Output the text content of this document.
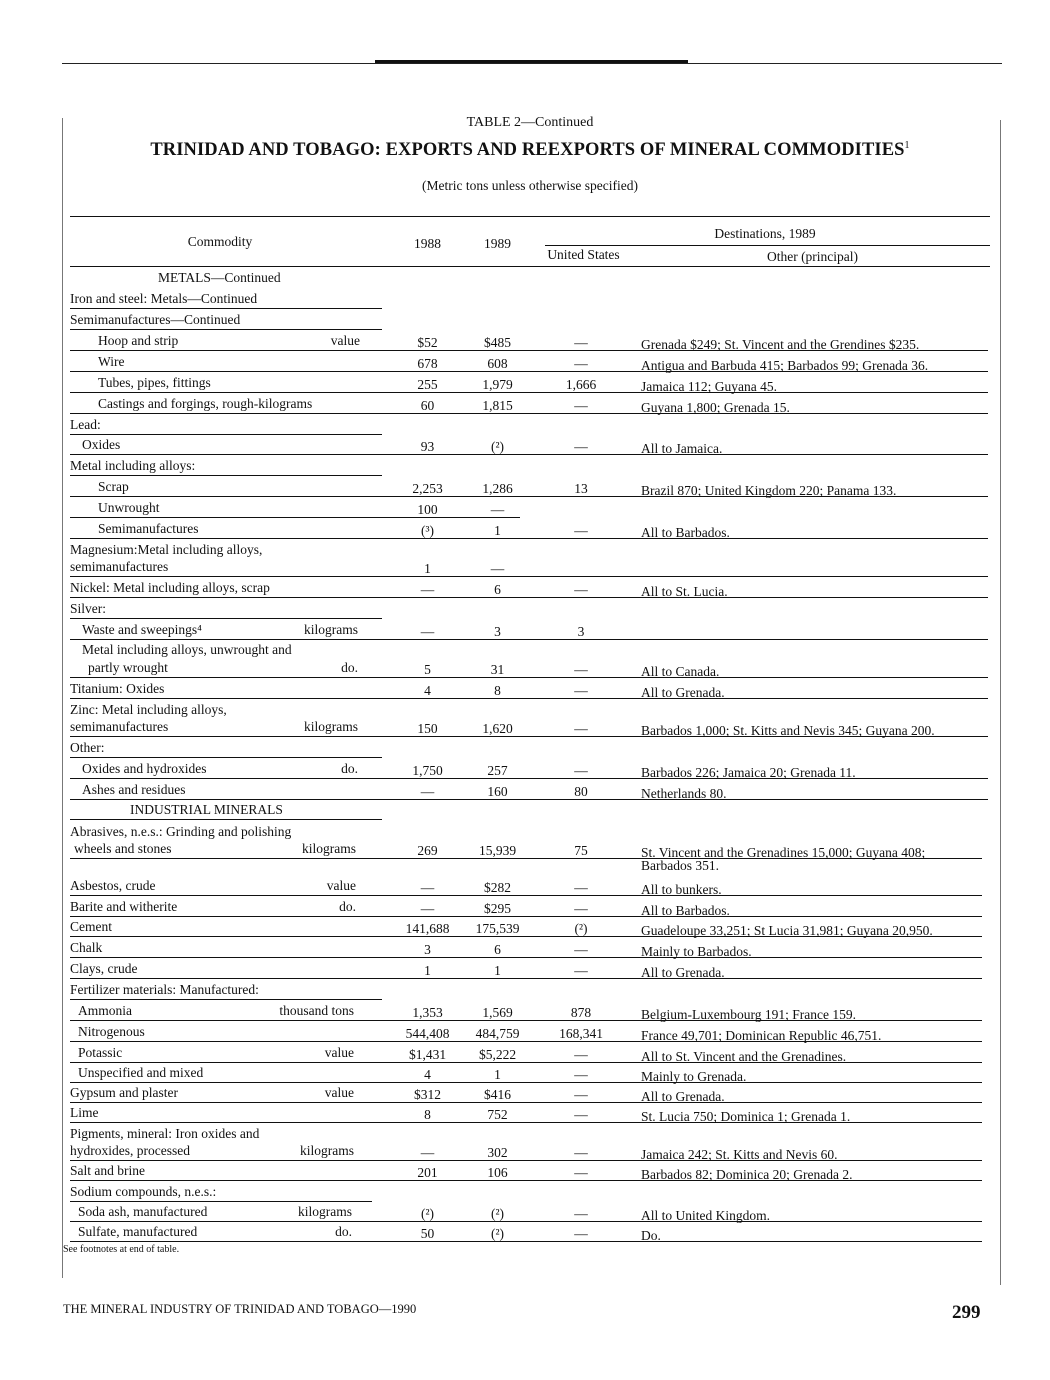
TABLE 2—Continued
TRINIDAD AND TOBAGO: EXPORTS AND REEXPORTS OF MINERAL COMMODITIES$^1$
(Metric tons unless otherwise specified)
Commodity	1988	1989
Destinations, 1989
United States	Other (principal)
METALS—Continued
Iron and steel: Metals—Continued
Semimanufactures—Continued
Hoop and strip	value	$52	$485	—	Grenada $249; St. Vincent and the Grendines $235.
Wire	678	608	—	Antigua and Barbuda 415; Barbados 99; Grenada 36.
Tubes, pipes, fittings	255	1,979	1,666	Jamaica 112; Guyana 45.
Castings and forgings, rough-kilograms	60	1,815	—	Guyana 1,800; Grenada 15.
Lead:
Oxides	93	(²)	—	All to Jamaica.
Metal including alloys:
Scrap	2,253	1,286	13	Brazil 870; United Kingdom 220; Panama 133.
Unwrought	100	—
Semimanufactures	(³)	1	—	All to Barbados.
Magnesium:Metal including alloys,
semimanufactures	1	—
Nickel: Metal including alloys, scrap	—	6	—	All to St. Lucia.
Silver:
Waste and sweepings⁴	kilograms	—	3	3
Metal including alloys, unwrought and
partly wrought	do.	5	31	—	All to Canada.
Titanium: Oxides	4	8	—	All to Grenada.
Zinc: Metal including alloys,
semimanufactures	kilograms	150	1,620	—	Barbados 1,000; St. Kitts and Nevis 345; Guyana 200.
Other:
Oxides and hydroxides	do.	1,750	257	—	Barbados 226; Jamaica 20; Grenada 11.
Ashes and residues	—	160	80	Netherlands 80.
INDUSTRIAL MINERALS
Abrasives, n.e.s.: Grinding and polishing
wheels and stones	kilograms	269	15,939	75	St. Vincent and the Grenadines 15,000; Guyana 408;
Barbados 351.
Asbestos, crude	value	—	$282	—	All to bunkers.
Barite and witherite	do.	—	$295	—	All to Barbados.
Cement	141,688	175,539	(²)	Guadeloupe 33,251; St Lucia 31,981; Guyana 20,950.
Chalk	3	6	—	Mainly to Barbados.
Clays, crude	1	1	—	All to Grenada.
Fertilizer materials: Manufactured:
Ammonia	thousand tons	1,353	1,569	878	Belgium-Luxembourg 191; France 159.
Nitrogenous	544,408	484,759	168,341	France 49,701; Dominican Republic 46,751.
Potassic	value	$1,431	$5,222	—	All to St. Vincent and the Grenadines.
Unspecified and mixed	4	1	—	Mainly to Grenada.
Gypsum and plaster	value	$312	$416	—	All to Grenada.
Lime	8	752	—	St. Lucia 750; Dominica 1; Grenada 1.
Pigments, mineral: Iron oxides and
hydroxides, processed	kilograms	—	302	—	Jamaica 242; St. Kitts and Nevis 60.
Salt and brine	201	106	—	Barbados 82; Dominica 20; Grenada 2.
Sodium compounds, n.e.s.:
Soda ash, manufactured	kilograms	(²)	(²)	—	All to United Kingdom.
Sulfate, manufactured	do.	50	(²)	—	Do.
See footnotes at end of table.
THE MINERAL INDUSTRY OF TRINIDAD AND TOBAGO—1990	299
